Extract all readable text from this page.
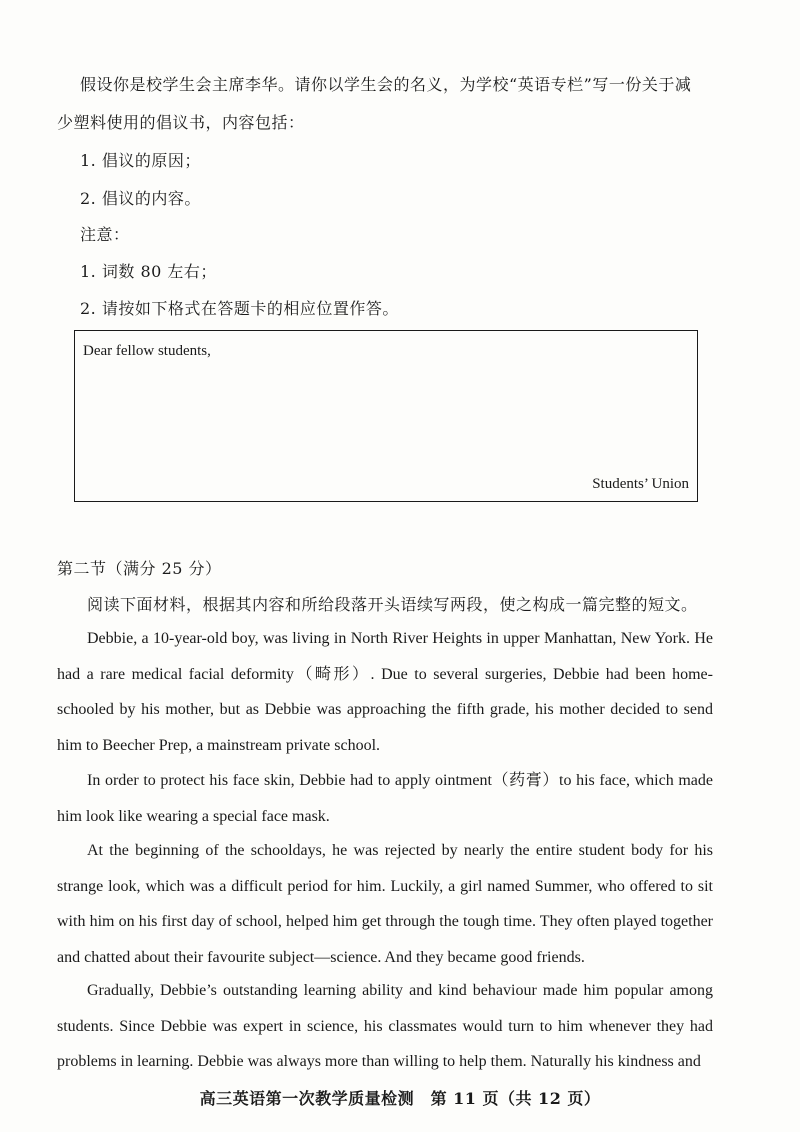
假设你是校学生会主席李华。请你以学生会的名义，为学校“英语专栏”写一份关于减
少塑料使用的倡议书，内容包括：
1. 倡议的原因；
2. 倡议的内容。
注意：
1. 词数 80 左右；
2. 请按如下格式在答题卡的相应位置作答。
Dear fellow students,
Students’ Union
第二节（满分 25 分）
阅读下面材料，根据其内容和所给段落开头语续写两段，使之构成一篇完整的短文。
Debbie, a 10-year-old boy, was living in North River Heights in upper Manhattan, New York. He had a rare medical facial deformity（畸形）. Due to several surgeries, Debbie had been home-schooled by his mother, but as Debbie was approaching the fifth grade, his mother decided to send him to Beecher Prep, a mainstream private school.
In order to protect his face skin, Debbie had to apply ointment（药膏）to his face, which made him look like wearing a special face mask.
At the beginning of the schooldays, he was rejected by nearly the entire student body for his strange look, which was a difficult period for him. Luckily, a girl named Summer, who offered to sit with him on his first day of school, helped him get through the tough time. They often played together and chatted about their favourite subject—science. And they became good friends.
Gradually, Debbie’s outstanding learning ability and kind behaviour made him popular among students. Since Debbie was expert in science, his classmates would turn to him whenever they had problems in learning. Debbie was always more than willing to help them. Naturally his kindness and
高三英语第一次教学质量检测　第 11 页（共 12 页）
